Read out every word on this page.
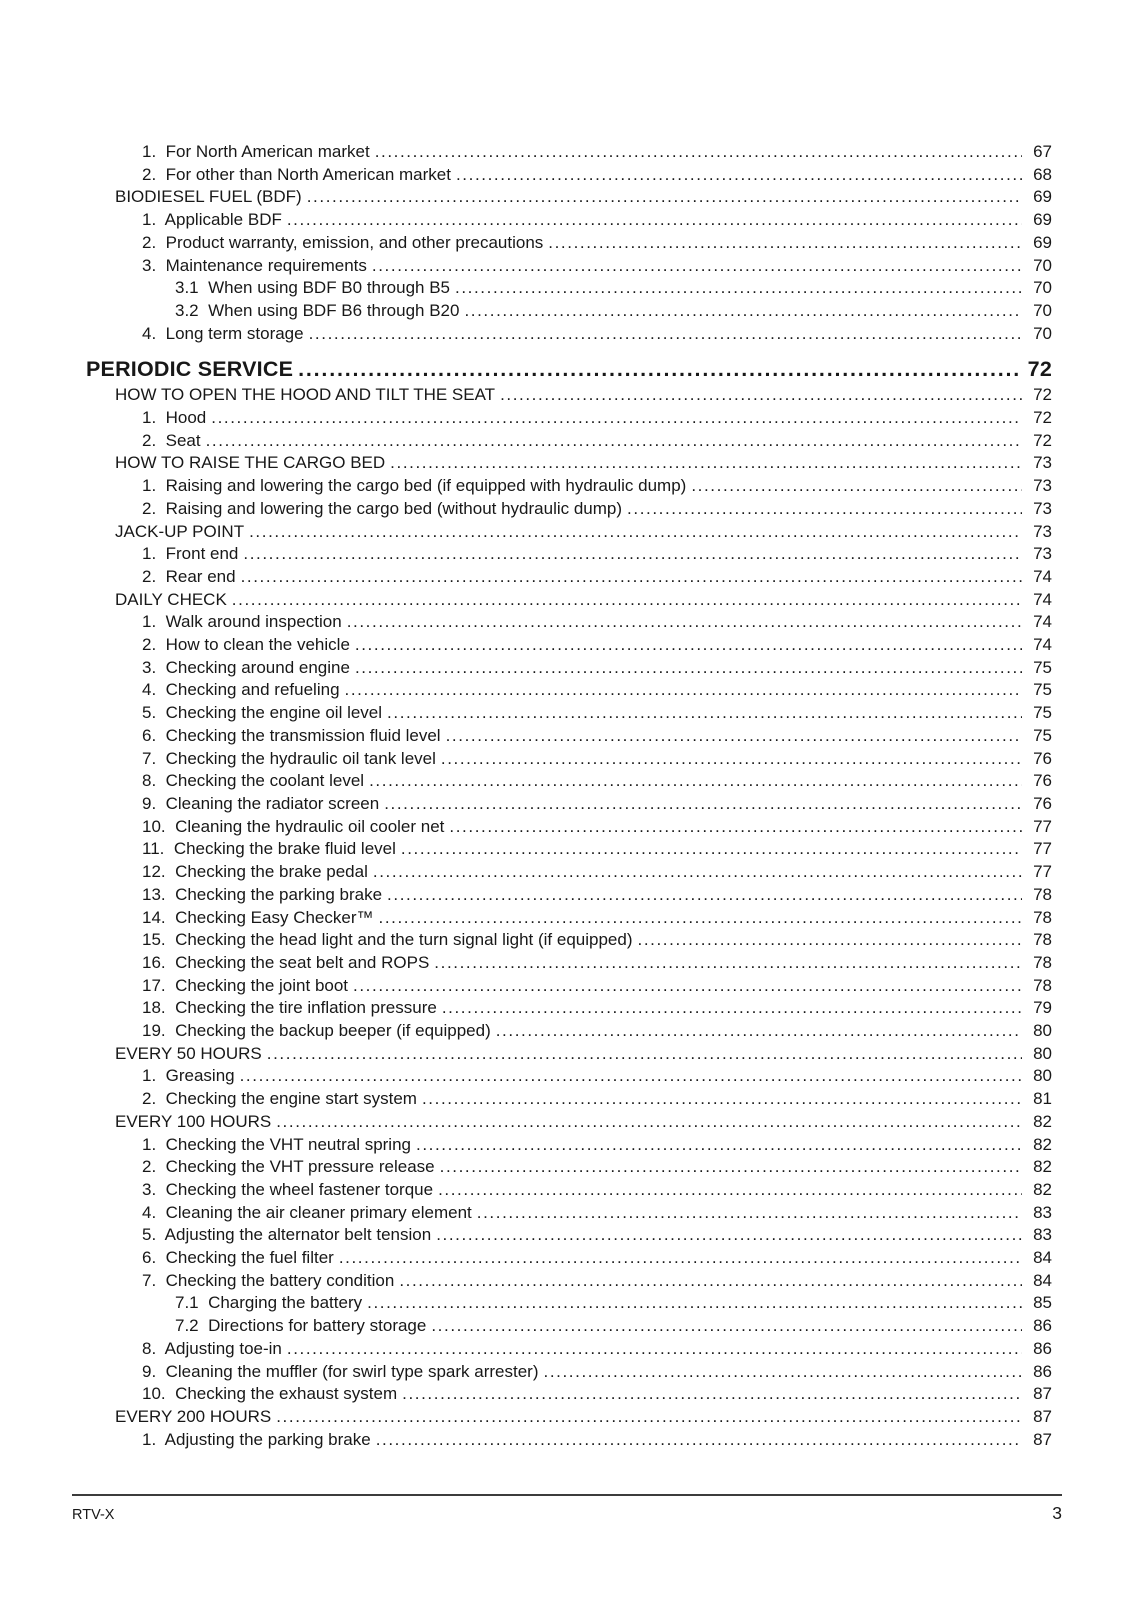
1.  For North American market .....	67
2.  For other than North American market .....	68
BIODIESEL FUEL (BDF) .....	69
1.  Applicable BDF .....	69
2.  Product warranty, emission, and other precautions .....	69
3.  Maintenance requirements .....	70
3.1  When using BDF B0 through B5 .....	70
3.2  When using BDF B6 through B20 .....	70
4.  Long term storage .....	70
PERIODIC SERVICE .....	72
HOW TO OPEN THE HOOD AND TILT THE SEAT .....	72
1.  Hood .....	72
2.  Seat .....	72
HOW TO RAISE THE CARGO BED .....	73
1.  Raising and lowering the cargo bed (if equipped with hydraulic dump) .....	73
2.  Raising and lowering the cargo bed (without hydraulic dump) .....	73
JACK-UP POINT .....	73
1.  Front end .....	73
2.  Rear end .....	74
DAILY CHECK .....	74
1.  Walk around inspection .....	74
2.  How to clean the vehicle .....	74
3.  Checking around engine .....	75
4.  Checking and refueling .....	75
5.  Checking the engine oil level .....	75
6.  Checking the transmission fluid level .....	75
7.  Checking the hydraulic oil tank level .....	76
8.  Checking the coolant level .....	76
9.  Cleaning the radiator screen .....	76
10.  Cleaning the hydraulic oil cooler net .....	77
11.  Checking the brake fluid level .....	77
12.  Checking the brake pedal .....	77
13.  Checking the parking brake .....	78
14.  Checking Easy Checker™ .....	78
15.  Checking the head light and the turn signal light (if equipped) .....	78
16.  Checking the seat belt and ROPS .....	78
17.  Checking the joint boot .....	78
18.  Checking the tire inflation pressure .....	79
19.  Checking the backup beeper (if equipped) .....	80
EVERY 50 HOURS .....	80
1.  Greasing .....	80
2.  Checking the engine start system .....	81
EVERY 100 HOURS .....	82
1.  Checking the VHT neutral spring .....	82
2.  Checking the VHT pressure release .....	82
3.  Checking the wheel fastener torque .....	82
4.  Cleaning the air cleaner primary element .....	83
5.  Adjusting the alternator belt tension .....	83
6.  Checking the fuel filter .....	84
7.  Checking the battery condition .....	84
7.1  Charging the battery .....	85
7.2  Directions for battery storage .....	86
8.  Adjusting toe-in .....	86
9.  Cleaning the muffler (for swirl type spark arrester) .....	86
10.  Checking the exhaust system .....	87
EVERY 200 HOURS .....	87
1.  Adjusting the parking brake .....	87
RTV-X	3
